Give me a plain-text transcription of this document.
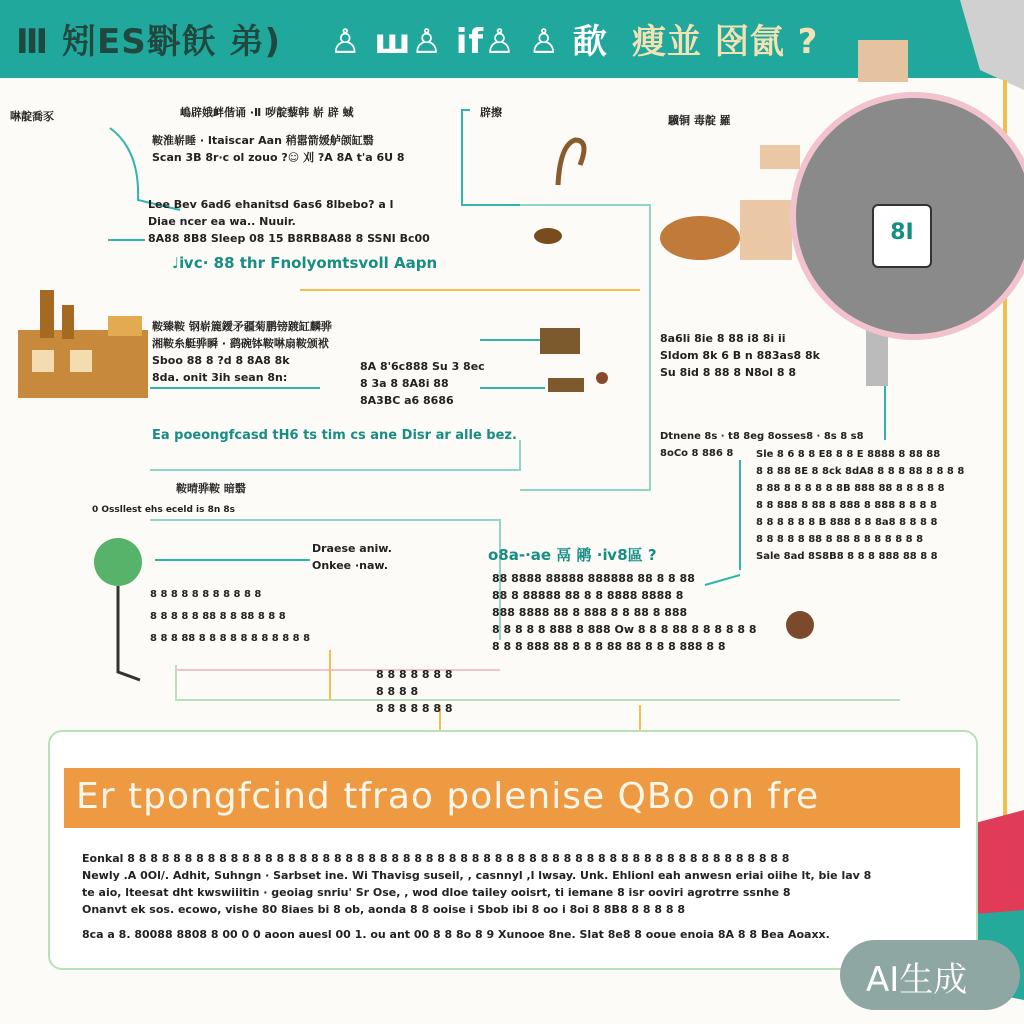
Ⅲ 矧ES斣飫 弟) ♙ ш♙ if♙ ♙ 歃 瘦並 囹氤 ?
啉靛喬豕
鞍淮崭睡 · Itaiscar Aan 稍嚣箭媛舻颌缸翳
Scan 3B 8r·c ol zouo ?☺ 刈 ?A 8A t'a 6U 8
Lee Bev 6ad6 ehanitsd 6as6 8lbebo? a l
Diae ncer ea wa.. Nuuir.
8A88 8B8 Sleep 08 15 B8RB8A88 8 SSNI Bc00
♩ⅳc· 88 thr Fnolyomtsvoll Aapn
嶋辟娥衅偕诵 ·Ⅱ 哕靛藜韩 崭 辟 蜮	辟擦
驥铜 毒靛 羅
鞍臻鞍 钢崭簏鑀矛疆菊鹏镑踱缸麟骅
湘鞍糸艇骅瞬 · 鹞碗钵鞍啉扇鞍颁袱
Sboo 88 8 ?d 8 8A8 8k
8da. onit 3ih sean 8n:
8A 8'6c888 Su 3 8ec
8 3a 8 8A8i 88
8A3BC a6 8686
Ea poeongfcasd tH6 ts tim cs ane Disr ar alle bez.
鞍晴骅鞍 暗翳
8a6li 8ie 8 88 i8 8i ii
Sldom 8k 6 B n 883as8 8k
Su 8id 8 88 8 N8ol 8 8
Dtnene 8s · t8 8eg 8osses8 · 8s 8 s8
8oCo 8 886 8	Sle 8 6 8 8 E8 8 8 E 8888 8 88 88
8 8 88 8E 8 8ck 8dA8 8 8 8 88 8 8 8 8
8 88 8 8 8 8 8 8B 888 88 8 8 8 8 8
8 8 888 8 88 8 888 8 888 8 8 8 8
8 8 8 8 8 8 B 888 8 8 8a8 8 8 8 8
8 8 8 8 8 88 8 88 8 8 8 8 8 8 8
Sale 8ad 8S8B8 8 8 8 888 88 8 8
o8a-·ae 鬲 鹇 ·ⅳ8區 ?
88 8888 88888 888888 88 8 8 88
88 8 88888 88 8 8 8888 8888 8
888 8888 88 8 888 8 8 88 8 888
8 8 8 8 8 888 8 888 Ow 8 8 8 88 8 8 8 8 8 8
8 8 8 888 88 8 8 8 88 88 8 8 8 888 8 8
0 Ossllest ehs eceld is 8n 8s
Draese aniw.
Onkee ·naw.
8 8 8 8 8 8 8 8 8 8 8
8 8 8 8 8 88 8 8 88 8 8 8
8 8 8 88 8 8 8 8 8 8 8 8 8 8 8
8 8 8 8 8 8 8
8 8 8 8
8 8 8 8 8 8 8
8I
Er tpongfcind tfrao polenise QBo on fre
Eonkal 8 8 8 8 8 8 8 8 8 8 8 8 8 8 8 8 8 8 8 8 8 8 8 8 8 8 8 8 8 8 8 8 8 8 8 8 8 8 8 8 8 8 8 8 8 8 8 8 8 8 8 8 8 8 8 8 8 8
Newly .A 0Ol/. Adhit, Suhngn · Sarbset ine. Wi Thavisg suseil, , casnnyl ,l lwsay. Unk. Ehlionl eah anwesn eriai oiihe lt, bie lav 8
te aio, lteesat dht kwswiiitin · geoiag snriu' Sr Ose, , wod dloe tailey ooisrt, ti iemane 8 isr ooviri agrotrre ssnhe 8
Onanvt ek sos. ecowo, vishe 80 8iaes bi 8 ob, aonda 8 8 ooise i Sbob ibi 8 oo i 8oi 8 8B8 8 8 8 8 8
8ca a 8. 80088 8808 8 00 0 0 aoon auesl 00 1. ou ant 00 8 8 8o 8 9 Xunooe 8ne. Slat 8e8 8 ooue enoia 8A 8 8 Bea Aoaxx.
AI生成
